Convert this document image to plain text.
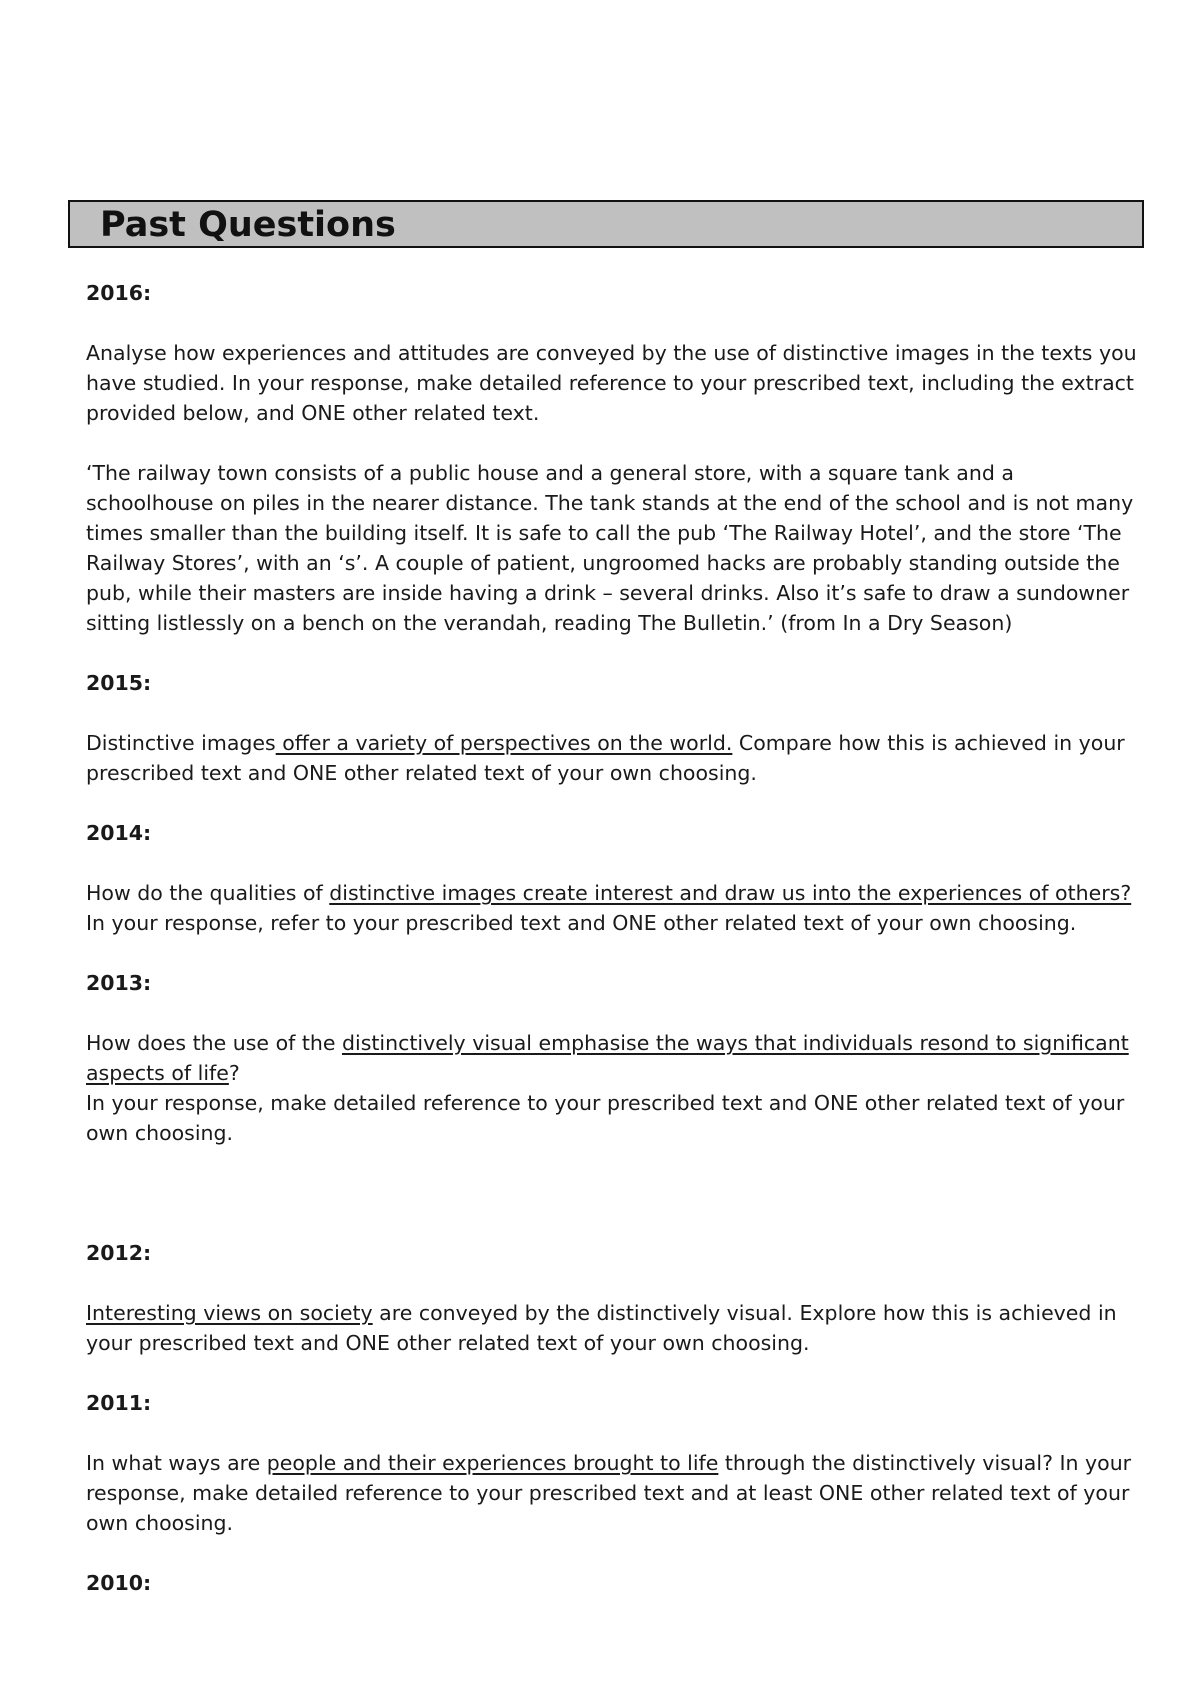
Past Questions

2016:

Analyse how experiences and attitudes are conveyed by the use of distinctive images in the texts you have studied. In your response, make detailed reference to your prescribed text, including the extract provided below, and ONE other related text.

‘The railway town consists of a public house and a general store, with a square tank and a schoolhouse on piles in the nearer distance. The tank stands at the end of the school and is not many times smaller than the building itself. It is safe to call the pub ‘The Railway Hotel’, and the store ‘The Railway Stores’, with an ‘s’. A couple of patient, ungroomed hacks are probably standing outside the pub, while their masters are inside having a drink – several drinks. Also it’s safe to draw a sundowner sitting listlessly on a bench on the verandah, reading The Bulletin.’ (from In a Dry Season)

2015:

Distinctive images offer a variety of perspectives on the world. Compare how this is achieved in your prescribed text and ONE other related text of your own choosing.

2014:

How do the qualities of distinctive images create interest and draw us into the experiences of others? In your response, refer to your prescribed text and ONE other related text of your own choosing.

2013:

How does the use of the distinctively visual emphasise the ways that individuals resond to significant aspects of life?

In your response, make detailed reference to your prescribed text and ONE other related text of your own choosing.

2012:

Interesting views on society are conveyed by the distinctively visual. Explore how this is achieved in your prescribed text and ONE other related text of your own choosing.

2011:

In what ways are people and their experiences brought to life through the distinctively visual? In your response, make detailed reference to your prescribed text and at least ONE other related text of your own choosing.

2010:
